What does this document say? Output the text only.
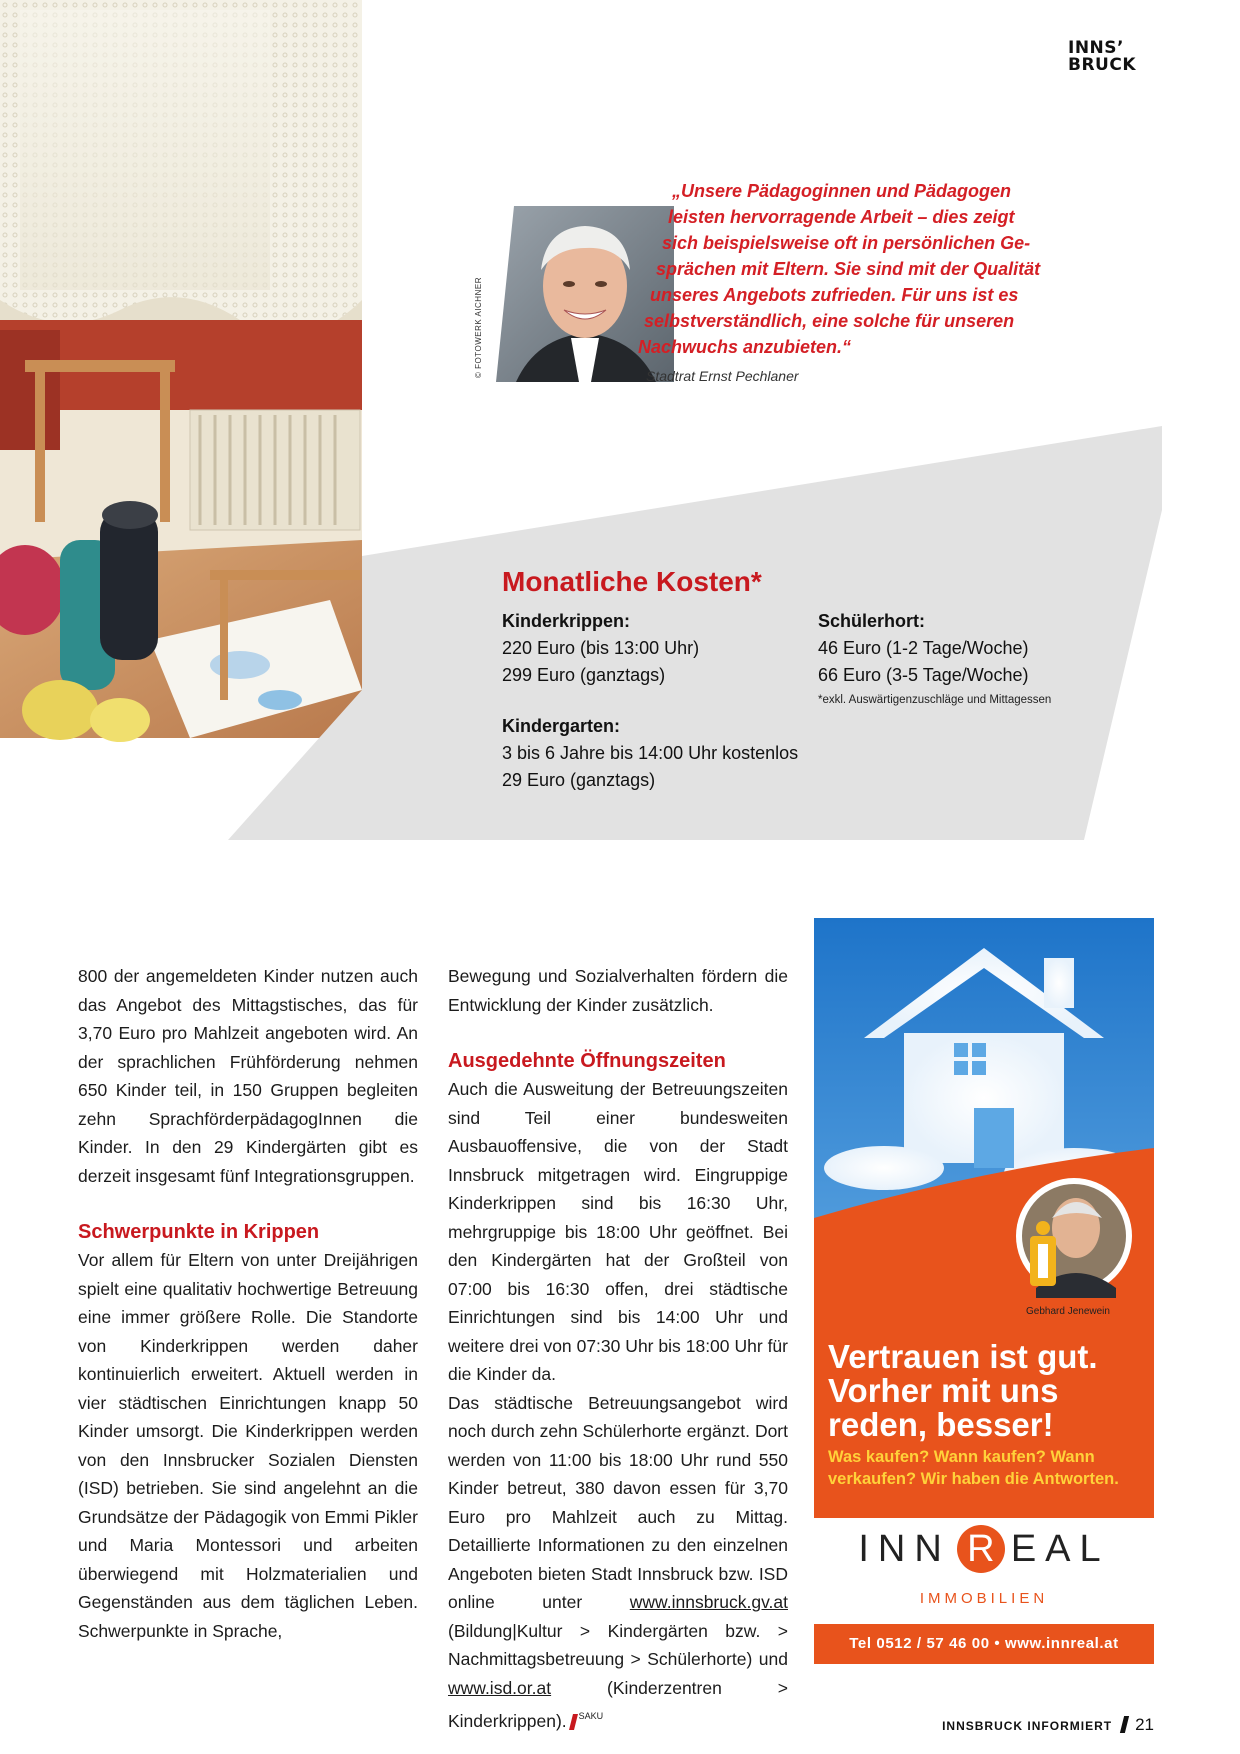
INNS’
BRUCK
© FOTOWERK AICHNER
„Unsere Pädagoginnen und Pädagogen
leisten hervorragende Arbeit – dies zeigt
sich beispielsweise oft in persönlichen Ge-
sprächen mit Eltern. Sie sind mit der Qualität
unseres Angebots zufrieden. Für uns ist es
selbstverständlich, eine solche für unseren
Nachwuchs anzubieten.“
Stadtrat Ernst Pechlaner
Monatliche Kosten*
Kinderkrippen:
220 Euro (bis 13:00 Uhr)
299 Euro (ganztags)
Schülerhort:
46 Euro (1-2 Tage/Woche)
66 Euro (3-5 Tage/Woche)
*exkl. Auswärtigenzuschläge und Mittagessen
Kindergarten:
3 bis 6 Jahre bis 14:00 Uhr kostenlos
29 Euro (ganztags)

800 der angemeldeten Kinder nutzen auch das Angebot des Mittagstisches, das für 3,70 Euro pro Mahlzeit angeboten wird. An der sprachlichen Frühförderung nehmen 650 Kinder teil, in 150 Gruppen begleiten zehn SprachförderpädagogInnen die Kinder. In den 29 Kindergärten gibt es derzeit insgesamt fünf Integrationsgruppen.

Schwerpunkte in Krippen

Vor allem für Eltern von unter Dreijährigen spielt eine qualitativ hochwertige Betreuung eine immer größere Rolle. Die Standorte von Kinderkrippen werden daher kontinuierlich erweitert. Aktuell werden in vier städtischen Einrichtungen knapp 50 Kinder umsorgt. Die Kinderkrippen werden von den Innsbrucker Sozialen Diensten (ISD) betrieben. Sie sind angelehnt an die Grundsätze der Pädagogik von Emmi Pikler und Maria Montessori und arbeiten überwiegend mit Holzmaterialien und Gegenständen aus dem täglichen Leben. Schwerpunkte in Sprache,

Bewegung und Sozialverhalten fördern die Entwicklung der Kinder zusätzlich.

Ausgedehnte Öffnungszeiten

Auch die Ausweitung der Betreuungszeiten sind Teil einer bundesweiten Ausbauoffensive, die von der Stadt Innsbruck mitgetragen wird. Eingruppige Kinderkrippen sind bis 16:30 Uhr, mehrgruppige bis 18:00 Uhr geöffnet. Bei den Kindergärten hat der Großteil von 07:00 bis 16:30 offen, drei städtische Einrichtungen sind bis 14:00 Uhr und weitere drei von 07:30 Uhr bis 18:00 Uhr für die Kinder da.

Das städtische Betreuungsangebot wird noch durch zehn Schülerhorte ergänzt. Dort werden von 11:00 bis 18:00 Uhr rund 550 Kinder betreut, 380 davon essen für 3,70 Euro pro Mahlzeit auch zu Mittag. Detaillierte Informationen zu den einzelnen Angeboten bieten Stadt Innsbruck bzw. ISD online unter www.innsbruck.gv.at (Bildung|Kultur > Kindergärten bzw. > Nachmittagsbetreuung > Schülerhorte) und www.isd.or.at (Kinderzentren > Kinderkrippen). $^{SAKU}$

Gebhard Jenewein
Vertrauen ist gut. Vorher mit uns reden, besser!
Was kaufen? Wann kaufen? Wann verkaufen? Wir haben die Antworten.
INN R EAL
IMMOBILIEN
Tel 0512 / 57 46 00 • www.innreal.at
INNSBRUCK INFORMIERT 21
